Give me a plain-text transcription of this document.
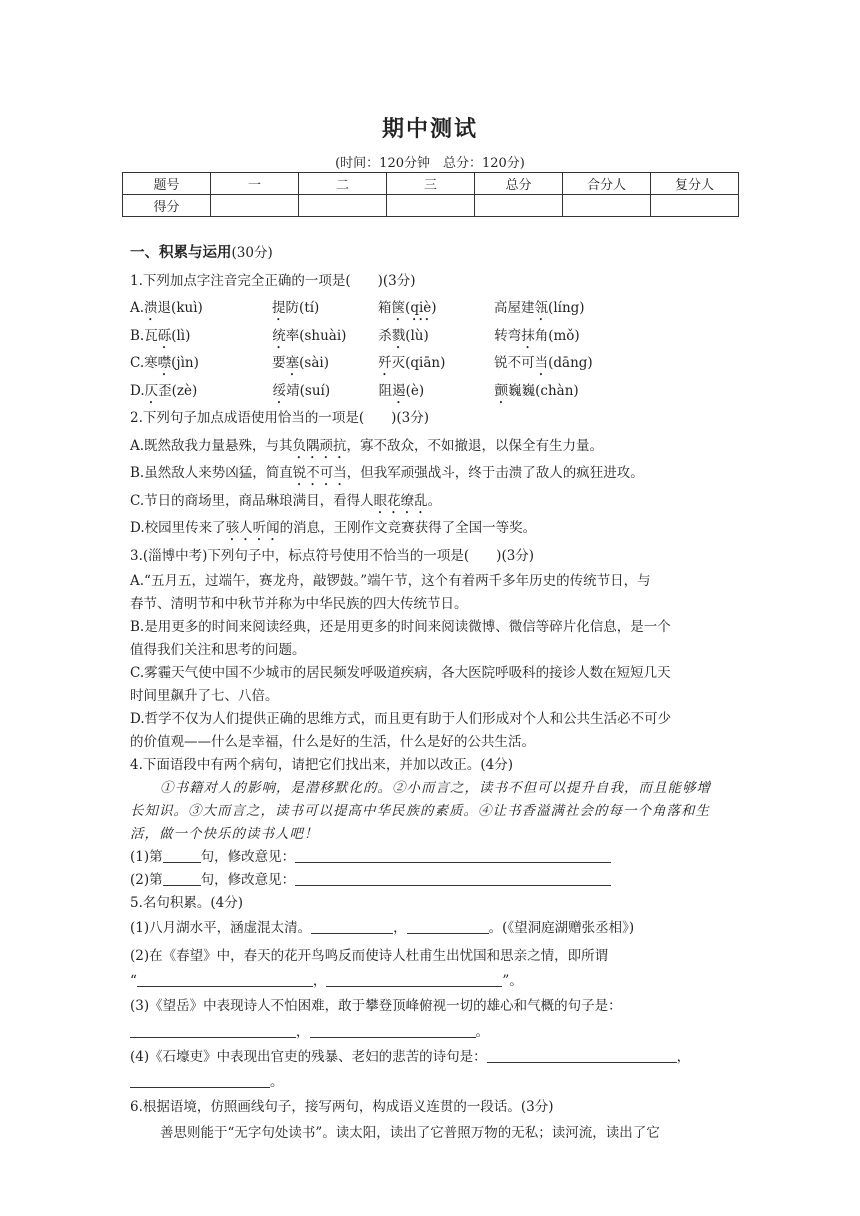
期中测试
(时间：120分钟　总分：120分)
题号	一	二	三	总分	合分人	复分人
得分						
一、积累与运用(30分)
1.下列加点字注音完全正确的一项是(　　)(3分)
A.溃退(kuì)	提防(tí)	箱箧(qiè)	高屋建瓴(líng)
B.瓦砾(lì)	统率(shuài) 杀戮(lù)	转弯抹角(mǒ)
C.寒噤(jìn)	要塞(sài)	歼灭(qiān)	锐不可当(dāng)
D.仄歪(zè)	绥靖(suí)	阻遏(è)	颤巍巍(chàn)
2.下列句子加点成语使用恰当的一项是(　　)(3分)
A.既然敌我力量悬殊，与其负隅顽抗，寡不敌众，不如撤退，以保全有生力量。
B.虽然敌人来势凶猛，简直锐不可当，但我军顽强战斗，终于击溃了敌人的疯狂进攻。
C.节日的商场里，商品琳琅满目，看得人眼花缭乱。
D.校园里传来了骇人听闻的消息，王刚作文竞赛获得了全国一等奖。
3.(淄博中考)下列句子中，标点符号使用不恰当的一项是(　　)(3分)
A.“五月五，过端午，赛龙舟，敲锣鼓。”端午节，这个有着两千多年历史的传统节日，与
春节、清明节和中秋节并称为中华民族的四大传统节日。
B.是用更多的时间来阅读经典，还是用更多的时间来阅读微博、微信等碎片化信息，是一个
值得我们关注和思考的问题。
C.雾霾天气使中国不少城市的居民频发呼吸道疾病，各大医院呼吸科的接诊人数在短短几天
时间里飙升了七、八倍。
D.哲学不仅为人们提供正确的思维方式，而且更有助于人们形成对个人和公共生活必不可少
的价值观——什么是幸福，什么是好的生活，什么是好的公共生活。
4.下面语段中有两个病句，请把它们找出来，并加以改正。(4分)
①书籍对人的影响，是潜移默化的。②小而言之，读书不但可以提升自我，而且能够增
长知识。③大而言之，读书可以提高中华民族的素质。④让书香溢满社会的每一个角落和生
活，做一个快乐的读书人吧！
(1)第	句，修改意见：
(2)第	句，修改意见：
5.名句积累。(4分)
(1)八月湖水平，涵虚混太清。	，	。(《望洞庭湖赠张丞相》)
(2)在《春望》中，春天的花开鸟鸣反而使诗人杜甫生出忧国和思亲之情，即所谓
“	，	”。
(3)《望岳》中表现诗人不怕困难，敢于攀登顶峰俯视一切的雄心和气概的句子是：
，	。
(4)《石壕吏》中表现出官吏的残暴、老妇的悲苦的诗句是：	，
。
6.根据语境，仿照画线句子，接写两句，构成语义连贯的一段话。(3分)
善思则能于“无字句处读书”。读太阳，读出了它普照万物的无私；读河流，读出了它
